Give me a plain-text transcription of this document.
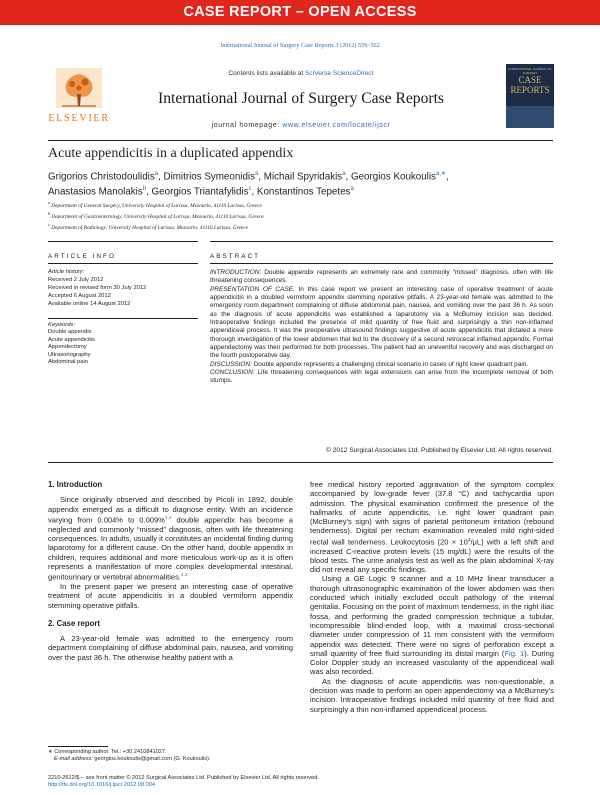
CASE REPORT – OPEN ACCESS
International Journal of Surgery Case Reports 3 (2012) 559–562
ELSEVIER
Contents lists available at SciVerse ScienceDirect
International Journal of Surgery Case Reports
journal homepage: www.elsevier.com/locate/ijscr
INTERNATIONAL JOURNAL OF SURGERY
CASE REPORTS
Acute appendicitis in a duplicated appendix
Grigorios Christodoulidis$^a$, Dimitrios Symeonidis$^a$, Michail Spyridakis$^a$, Georgios Koukoulis$^{a,∗}$,
Anastasios Manolakis$^b$, Georgios Triantafylidis$^c$, Konstantinos Tepetes$^a$
$^a$ Department of General Surgery, University Hospital of Larissa, Mezourlo, 41110 Larissa, Greece
$^b$ Department of Gastroenterology, University Hospital of Larissa, Mezourlo, 41110 Larissa, Greece
$^c$ Department of Radiology, University Hospital of Larissa, Mezourlo, 41110 Larissa, Greece
ARTICLE INFO	ABSTRACT
Article history:
Received 2 July 2012
Received in revised form 30 July 2012
Accepted 6 August 2012
Available online 14 August 2012
Keywords:
Double appendix
Acute appendicitis
Appendectomy
Ultrasonography
Abdominal pain

INTRODUCTION: Double appendix represents an extremely rare and commonly “missed” diagnosis, often with life threatening consequences.

PRESENTATION OF CASE: In this case report we present an interesting case of operative treatment of acute appendicitis in a doubled vermiform appendix stemming operative pitfalls. A 23-year-old female was admitted to the emergency room department complaining of diffuse abdominal pain, nausea, and vomiting over the past 36 h. As soon as the diagnosis of acute appendicitis was established a laparotomy via a McBurney incision was decided. Intraoperative findings included the presence of mild quantity of free fluid and surprisingly a thin non-inflamed appendiceal process. It was the preoperative ultrasound findings suggestive of acute appendicitis that dictated a more thorough investigation of the lower abdomen that led to the discovery of a second retrocecal inflamed appendix. Formal appendectomy was then performed for both processes. The patient had an uneventful recovery and was discharged on the fourth postoperative day.

DISCUSSION: Double appendix represents a challenging clinical scenario in cases of right lower quadrant pain.

CONCLUSION: Life threatening consequences with legal extensions can arise from the incomplete removal of both stumps.

© 2012 Surgical Associates Ltd. Published by Elsevier Ltd. All rights reserved.

1. Introduction

Since originally observed and described by Picoli in 1892, double appendix emerged as a difficult to diagnose entity. With an incidence varying from 0.004% to 0.009%$^{1,2}$ double appendix has become a neglected and commonly “missed” diagnosis, often with life threatening consequences. In adults, usually it constitutes an incidental finding during laparotomy for a different cause. On the other hand, double appendix in children, requires additional and more meticulous work-up as it is often represents a manifestation of more complex developmental intestinal, genitourinary or vertebral abnormalities.$^{1,2}$

In the present paper we present an interesting case of operative treatment of acute appendicitis in a doubled vermiform appendix stemming operative pitfalls.

2. Case report

A 23-year-old female was admitted to the emergency room department complaining of diffuse abdominal pain, nausea, and vomiting over the past 36 h. The otherwise healthy patient with a

free medical history reported aggravation of the symptom complex accompanied by low-grade fever (37.8 °C) and tachycardia upon admission. The physical examination confirmed the presence of the hallmarks of acute appendicitis, i.e. right lower quadrant pain (McBurney’s sign) with signs of parietal peritoneum irritation (rebound tenderness). Digital per rectum examination revealed mild right-sided rectal wall tenderness. Leukocytosis $(20 \times 10^3/\mu L)$ with a left shift and increased C-reactive protein levels (15 mg/dL) were the results of the blood tests. The urine analysis test as well as the plain abdominal X-ray did not reveal any specific findings.

Using a GE Logic 9 scanner and a 10 MHz linear transducer a thorough ultrasonographic examination of the lower abdomen was then conducted which initially excluded occult pathology of the internal genitalia. Focusing on the point of maximum tenderness, in the right iliac fossa, and performing the graded compression technique a tubular, incompressible blind-ended loop, with a maximal cross-sectional diameter under compression of 11 mm consistent with the vermiform appendix was detected. There were no signs of perforation except a small quantity of free fluid surrounding its distal margin (Fig. 1). During Color Doppler study an increased vascularity of the appendiceal wall was also recorded.

As the diagnosis of acute appendicitis was non-questionable, a decision was made to perform an open appendectomy via a McBurney’s incision. Intraoperative findings included mild quantity of free fluid and surprisingly a thin non-inflamed appendiceal process.

∗ Corresponding author. Tel.: +30 2410841027.
E-mail address: georgios.koukoulis@gmail.com (G. Koukoulis).
2210-2612/$ – see front matter © 2012 Surgical Associates Ltd. Published by Elsevier Ltd. All rights reserved.
http://dx.doi.org/10.1016/j.ijscr.2012.08.004
